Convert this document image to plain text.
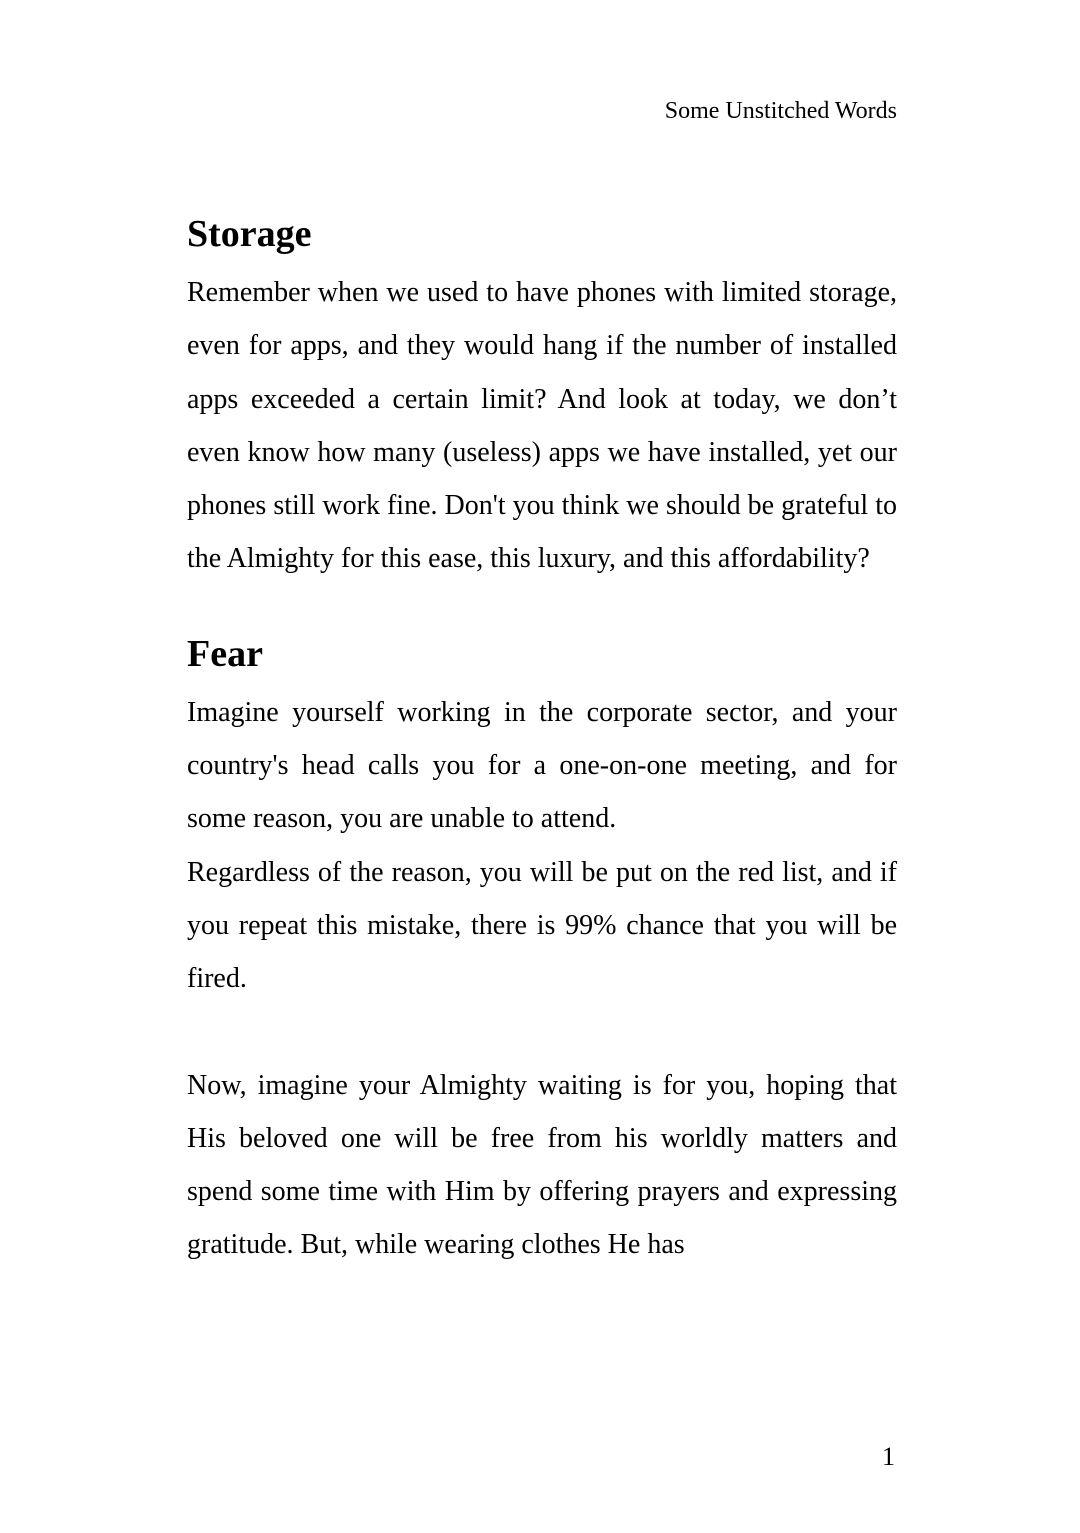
Some Unstitched Words
Storage

Remember when we used to have phones with limited storage, even for apps, and they would hang if the number of installed apps exceeded a certain limit? And look at today, we don’t even know how many (useless) apps we have installed, yet our phones still work fine. Don't you think we should be grateful to the Almighty for this ease, this luxury, and this affordability?

Fear

Imagine yourself working in the corporate sector, and your country's head calls you for a one-on-one meeting, and for some reason, you are unable to attend.

Regardless of the reason, you will be put on the red list, and if you repeat this mistake, there is 99% chance that you will be fired.

Now, imagine your Almighty waiting is for you, hoping that His beloved one will be free from his worldly matters and spend some time with Him by offering prayers and expressing gratitude. But, while wearing clothes He has

1
